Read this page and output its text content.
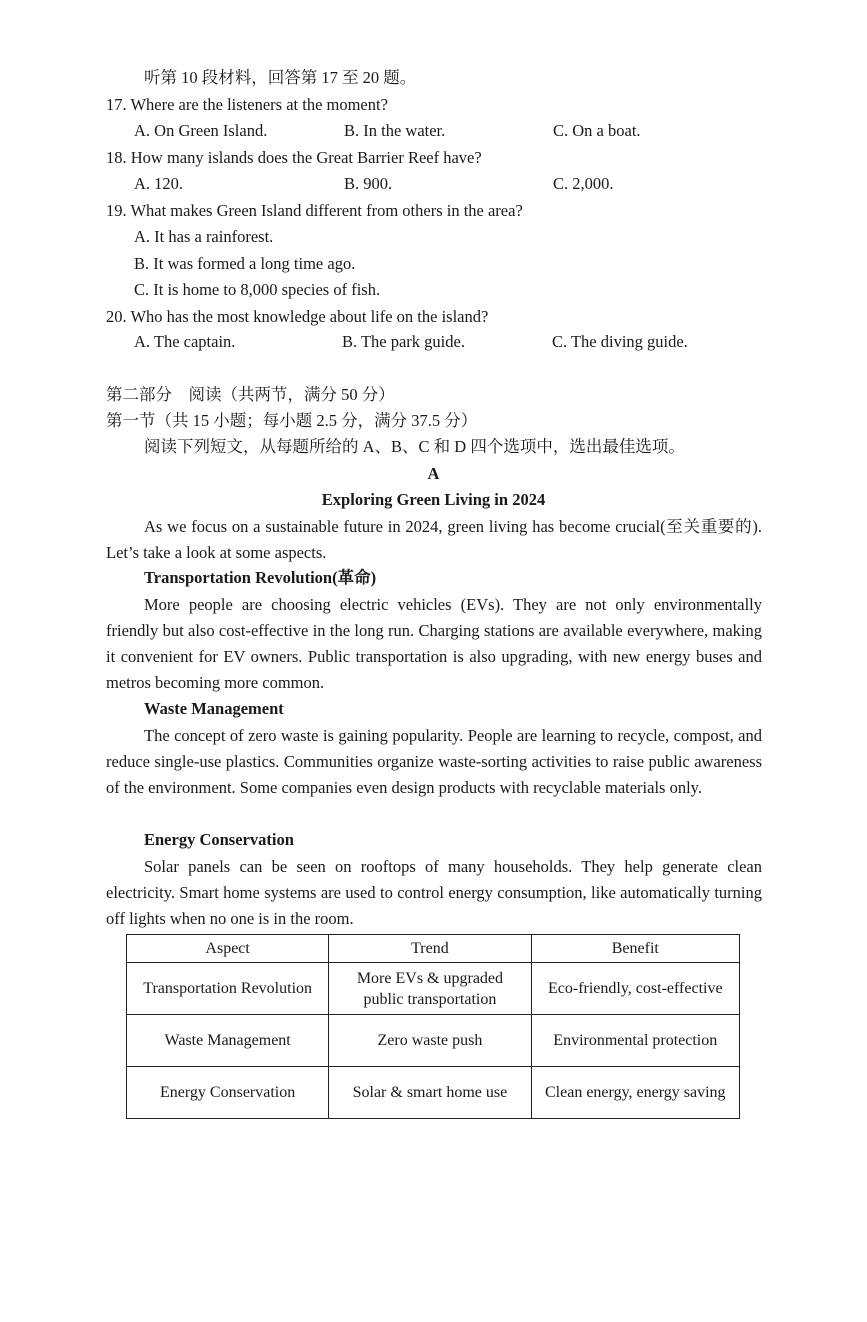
听第 10 段材料，回答第 17 至 20 题。
17. Where are the listeners at the moment?
A. On Green Island.	B. In the water.	C. On a boat.
18. How many islands does the Great Barrier Reef have?
A. 120.	B. 900.	C. 2,000.
19. What makes Green Island different from others in the area?
A. It has a rainforest.
B. It was formed a long time ago.
C. It is home to 8,000 species of fish.
20. Who has the most knowledge about life on the island?
A. The captain.	B. The park guide.	C. The diving guide.
第二部分　阅读（共两节，满分 50 分）
第一节（共 15 小题；每小题 2.5 分，满分 37.5 分）
阅读下列短文，从每题所给的 A、B、C 和 D 四个选项中，选出最佳选项。
A
Exploring Green Living in 2024
As we focus on a sustainable future in 2024, green living has become crucial(至关重要的). Let’s take a look at some aspects.
Transportation Revolution(革命)
More people are choosing electric vehicles (EVs). They are not only environmentally friendly but also cost-effective in the long run. Charging stations are available everywhere, making it convenient for EV owners. Public transportation is also upgrading, with new energy buses and metros becoming more common.
Waste Management
The concept of zero waste is gaining popularity. People are learning to recycle, compost, and reduce single-use plastics. Communities organize waste-sorting activities to raise public awareness of the environment. Some companies even design products with recyclable materials only.
Energy Conservation
Solar panels can be seen on rooftops of many households. They help generate clean electricity. Smart home systems are used to control energy consumption, like automatically turning off lights when no one is in the room.
Aspect	Trend	Benefit
Transportation Revolution	More EVs & upgraded public transportation	Eco-friendly, cost-effective
Waste Management	Zero waste push	Environmental protection
Energy Conservation	Solar & smart home use	Clean energy, energy saving
